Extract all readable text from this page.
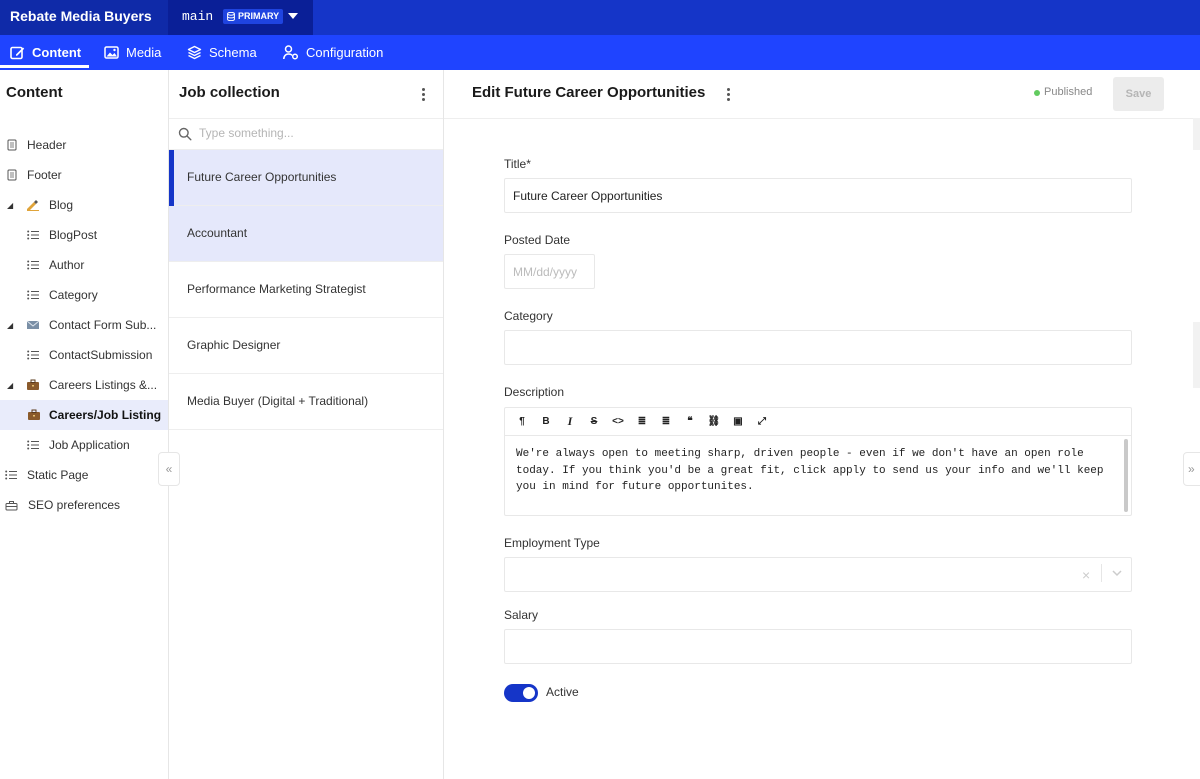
Rebate Media Buyers	main	PRIMARY
Content	Media	Schema	Configuration
Content
Header
Footer
◢	Blog
BlogPost
Author
Category
◢	Contact Form Sub...
ContactSubmission
◢	Careers Listings &...
Careers/Job Listing
Job Application
Static Page
SEO preferences
«
Job collection
Type something...
Future Career Opportunities
Accountant
Performance Marketing Strategist
Graphic Designer
Media Buyer (Digital + Traditional)
Edit Future Career Opportunities	Published	Save
Title*
Future Career Opportunities
Posted Date
MM/dd/yyyy
Category
Description
¶	B	I	S	<>	≣	≣	❝	⛓	▣	⤢
We're always open to meeting sharp, driven people - even if we don't have an open role today. If you think you'd be a great fit, click apply to send us your info and we'll keep you in mind for future opportunites.
Employment Type
×
Salary
Active
»
